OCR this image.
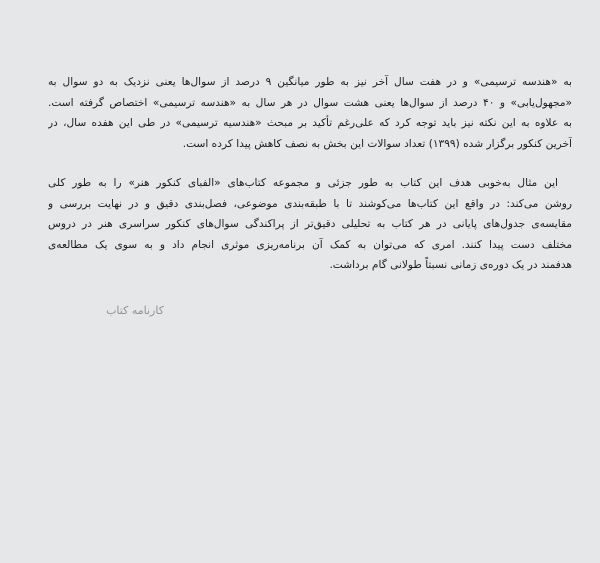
به «هندسه ترسیمی» و در هفت سال آخر نیز به طور میانگین ۹ درصد از سوال‌ها یعنی نزدیک به دو سوال به
«مجهول‌یابی» و ۴۰ درصد از سوال‌ها یعنی هشت سوال در هر سال به «هندسه ترسیمی» اختصاص گرفته است.
به علاوه به این نکته نیز باید توجه کرد که علی‌رغم تأکید بر مبحث «هندسیه ترسیمی» در طی این هفده سال، در
آخرین کنکور برگزار شده (۱۳۹۹) تعداد سوالات این بخش به نصف کاهش پیدا کرده است.
این مثال به‌خوبی هدف این کتاب به طور جزئی و مجموعه کتاب‌های «الفبای کنکور هنر» را به طور کلی
روشن می‌کند: در واقع این کتاب‌ها می‌کوشند تا با طبقه‌بندی موضوعی، فصل‌بندی دقیق و در نهایت بررسی و
مقایسه‌ی جدول‌های پایانی در هر کتاب به تحلیلی دقیق‌تر از پراکندگی سوال‌های کنکور سراسری هنر در دروس
مختلف دست پیدا کنند. امری که می‌توان به کمک آن برنامه‌ریزی موثری انجام داد و به سوی یک مطالعه‌ی
هدفمند در یک دوره‌ی زمانی نسبتاً طولانی گام برداشت.
کارنامه کتاب
